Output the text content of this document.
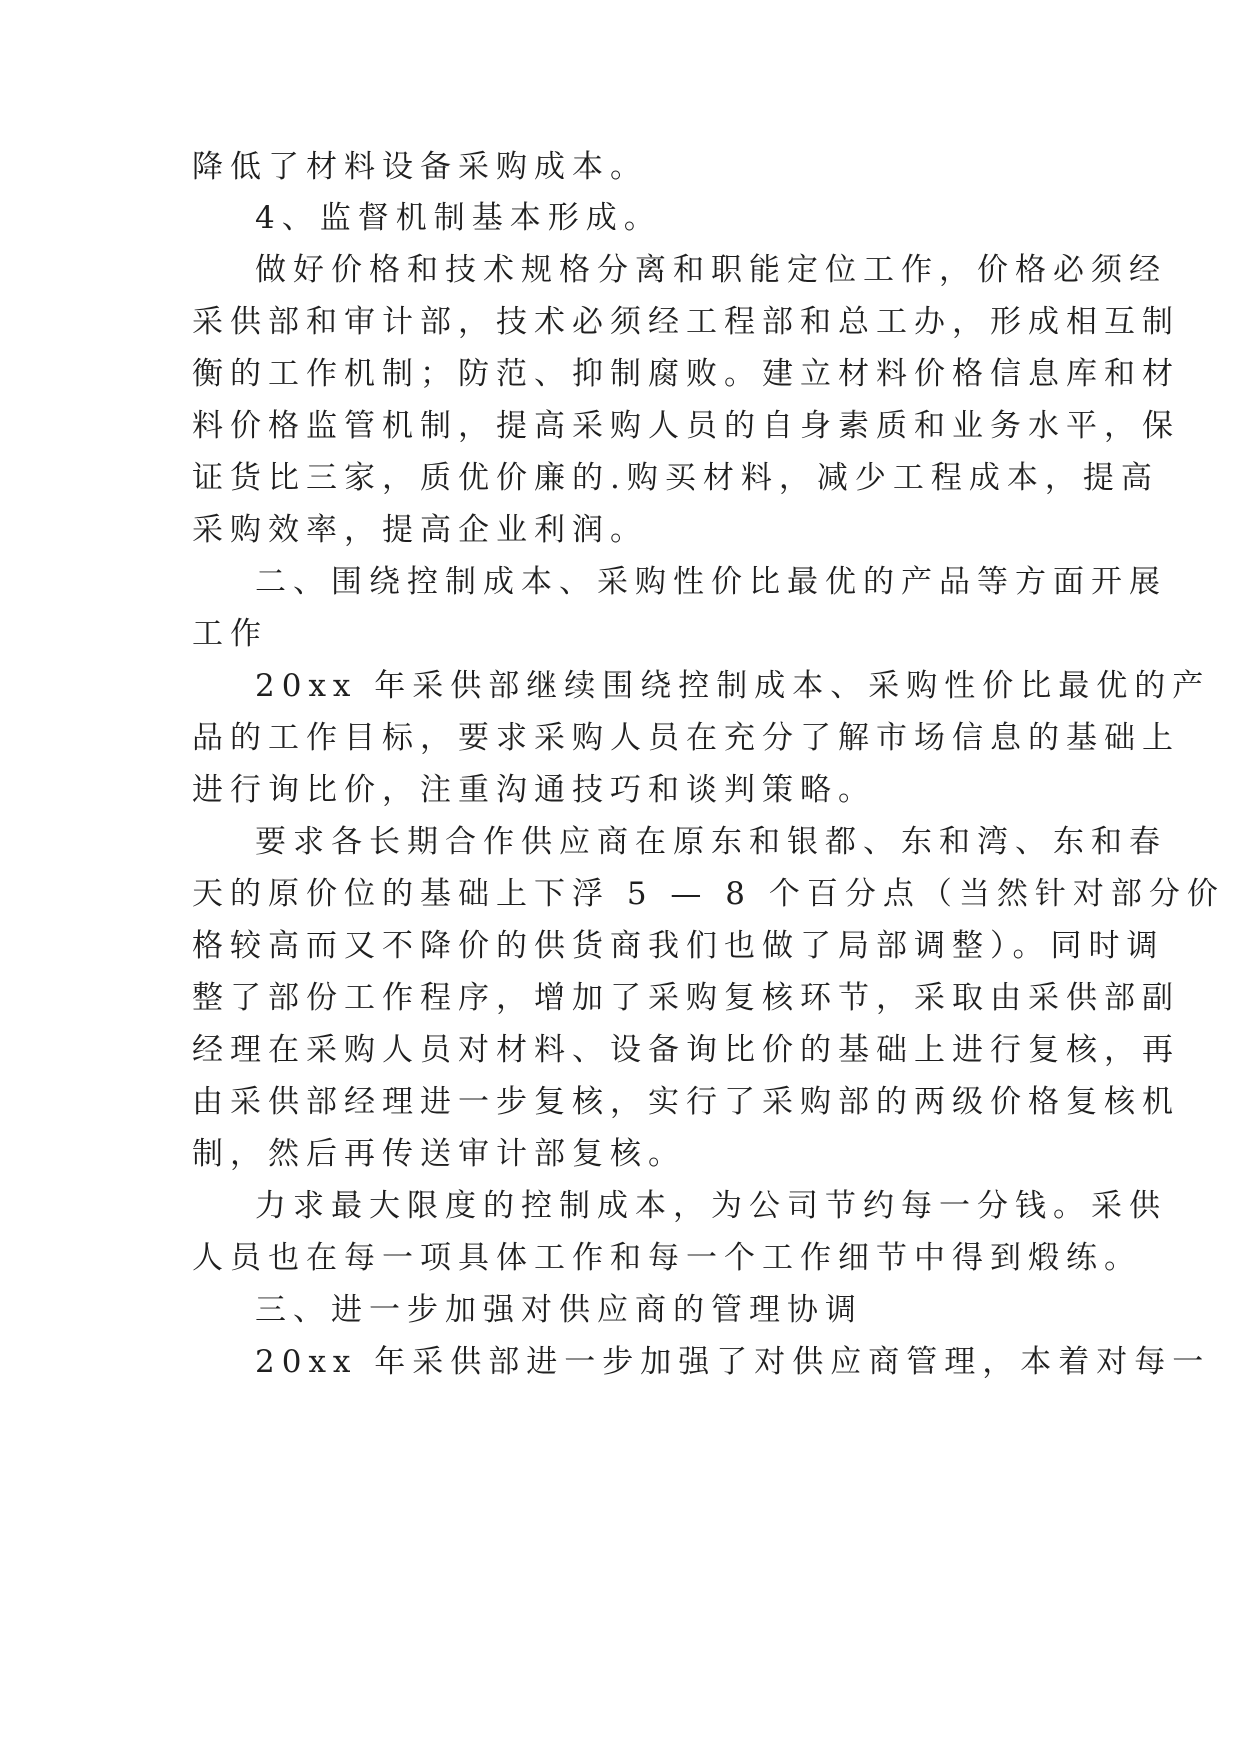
降低了材料设备采购成本。
4、监督机制基本形成。
做好价格和技术规格分离和职能定位工作，价格必须经
采供部和审计部，技术必须经工程部和总工办，形成相互制
衡的工作机制；防范、抑制腐败。建立材料价格信息库和材
料价格监管机制，提高采购人员的自身素质和业务水平，保
证货比三家，质优价廉的.购买材料，减少工程成本，提高
采购效率，提高企业利润。
二、围绕控制成本、采购性价比最优的产品等方面开展
工作
20xx 年采供部继续围绕控制成本、采购性价比最优的产
品的工作目标，要求采购人员在充分了解市场信息的基础上
进行询比价，注重沟通技巧和谈判策略。
要求各长期合作供应商在原东和银都、东和湾、东和春
天的原价位的基础上下浮 5 — 8 个百分点（当然针对部分价
格较高而又不降价的供货商我们也做了局部调整）。同时调
整了部份工作程序，增加了采购复核环节，采取由采供部副
经理在采购人员对材料、设备询比价的基础上进行复核，再
由采供部经理进一步复核，实行了采购部的两级价格复核机
制，然后再传送审计部复核。
力求最大限度的控制成本，为公司节约每一分钱。采供
人员也在每一项具体工作和每一个工作细节中得到煅练。
三、进一步加强对供应商的管理协调
20xx 年采供部进一步加强了对供应商管理，本着对每一
